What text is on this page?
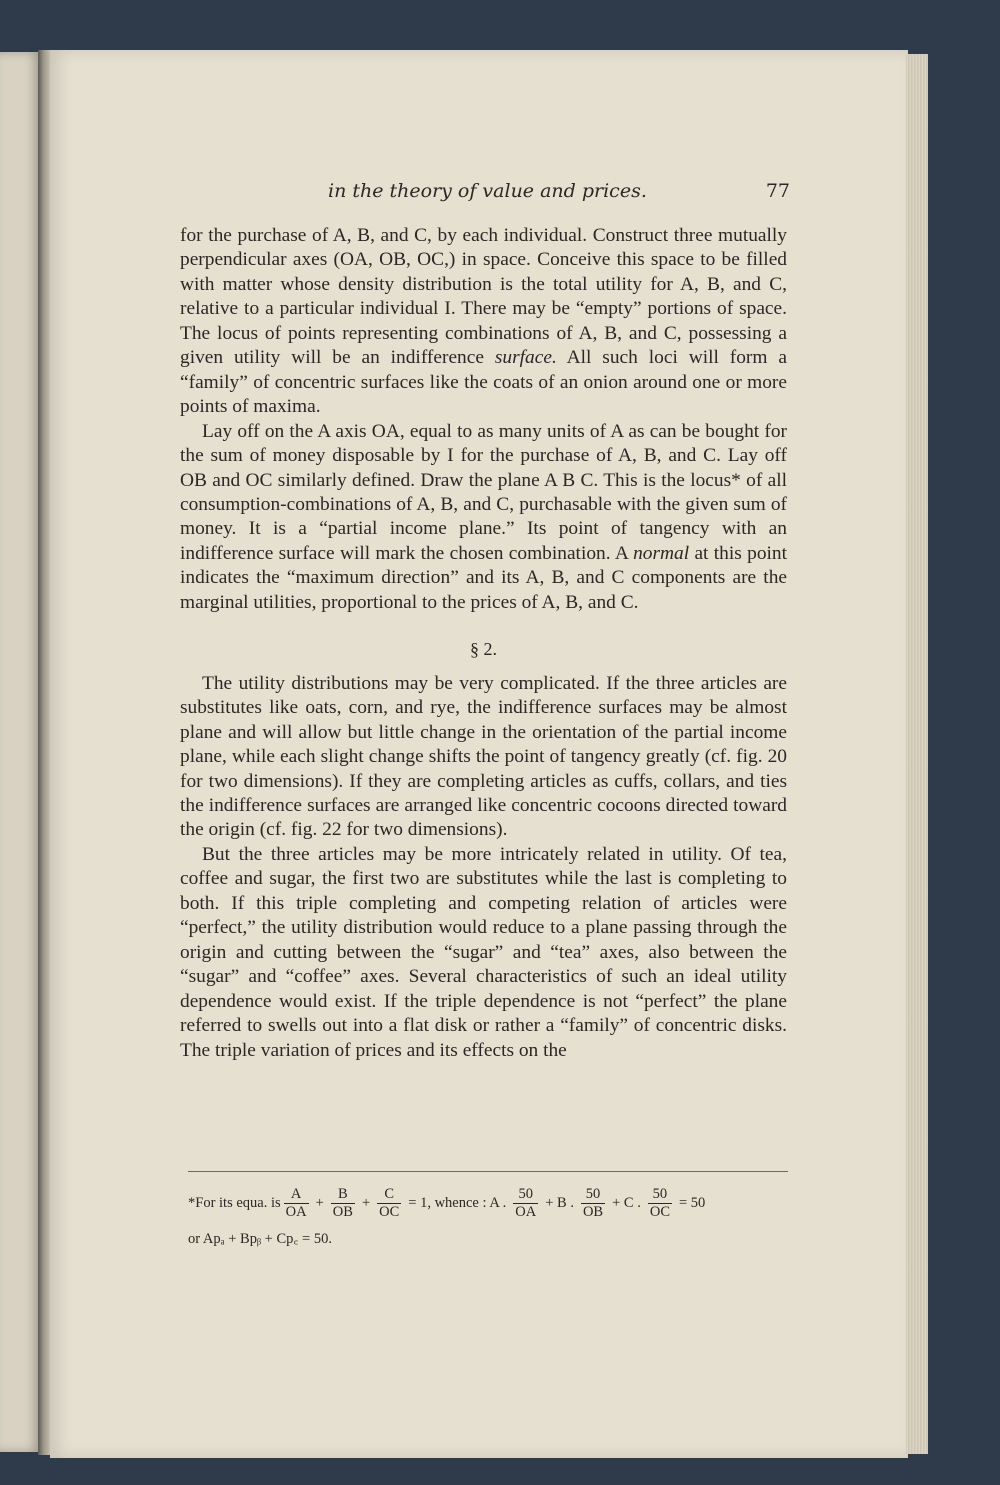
in the theory of value and prices.	77

for the purchase of A, B, and C, by each individual. Construct three mutually perpendicular axes (OA, OB, OC,) in space. Conceive this space to be filled with matter whose density distribution is the total utility for A, B, and C, relative to a particular individual I. There may be “empty” portions of space. The locus of points representing combinations of A, B, and C, possessing a given utility will be an indifference surface. All such loci will form a “family” of concentric surfaces like the coats of an onion around one or more points of maxima.

Lay off on the A axis OA, equal to as many units of A as can be bought for the sum of money disposable by I for the purchase of A, B, and C. Lay off OB and OC similarly defined. Draw the plane A B C. This is the locus* of all consumption-combinations of A, B, and C, purchasable with the given sum of money. It is a “partial income plane.” Its point of tangency with an indifference surface will mark the chosen combination. A normal at this point indicates the “maximum direction” and its A, B, and C components are the marginal utilities, proportional to the prices of A, B, and C.

§ 2.

The utility distributions may be very complicated. If the three articles are substitutes like oats, corn, and rye, the indifference surfaces may be almost plane and will allow but little change in the orientation of the partial income plane, while each slight change shifts the point of tangency greatly (cf. fig. 20 for two dimensions). If they are completing articles as cuffs, collars, and ties the indifference surfaces are arranged like concentric cocoons directed toward the origin (cf. fig. 22 for two dimensions).

But the three articles may be more intricately related in utility. Of tea, coffee and sugar, the first two are substitutes while the last is completing to both. If this triple completing and competing relation of articles were “perfect,” the utility distribution would reduce to a plane passing through the origin and cutting between the “sugar” and “tea” axes, also between the “sugar” and “coffee” axes. Several characteristics of such an ideal utility dependence would exist. If the triple dependence is not “perfect” the plane referred to swells out into a flat disk or rather a “family” of concentric disks. The triple variation of prices and its effects on the

*For its equa. is $\frac{A}{OA} + \frac{B}{OB} + \frac{C}{OC} = 1$, whence : A . $\frac{50}{OA} + B$ . $\frac{50}{OB} + C$ . $\frac{50}{OC} = 50$
or Apₐ + Bpᵦ + Cp꜀ = 50.
